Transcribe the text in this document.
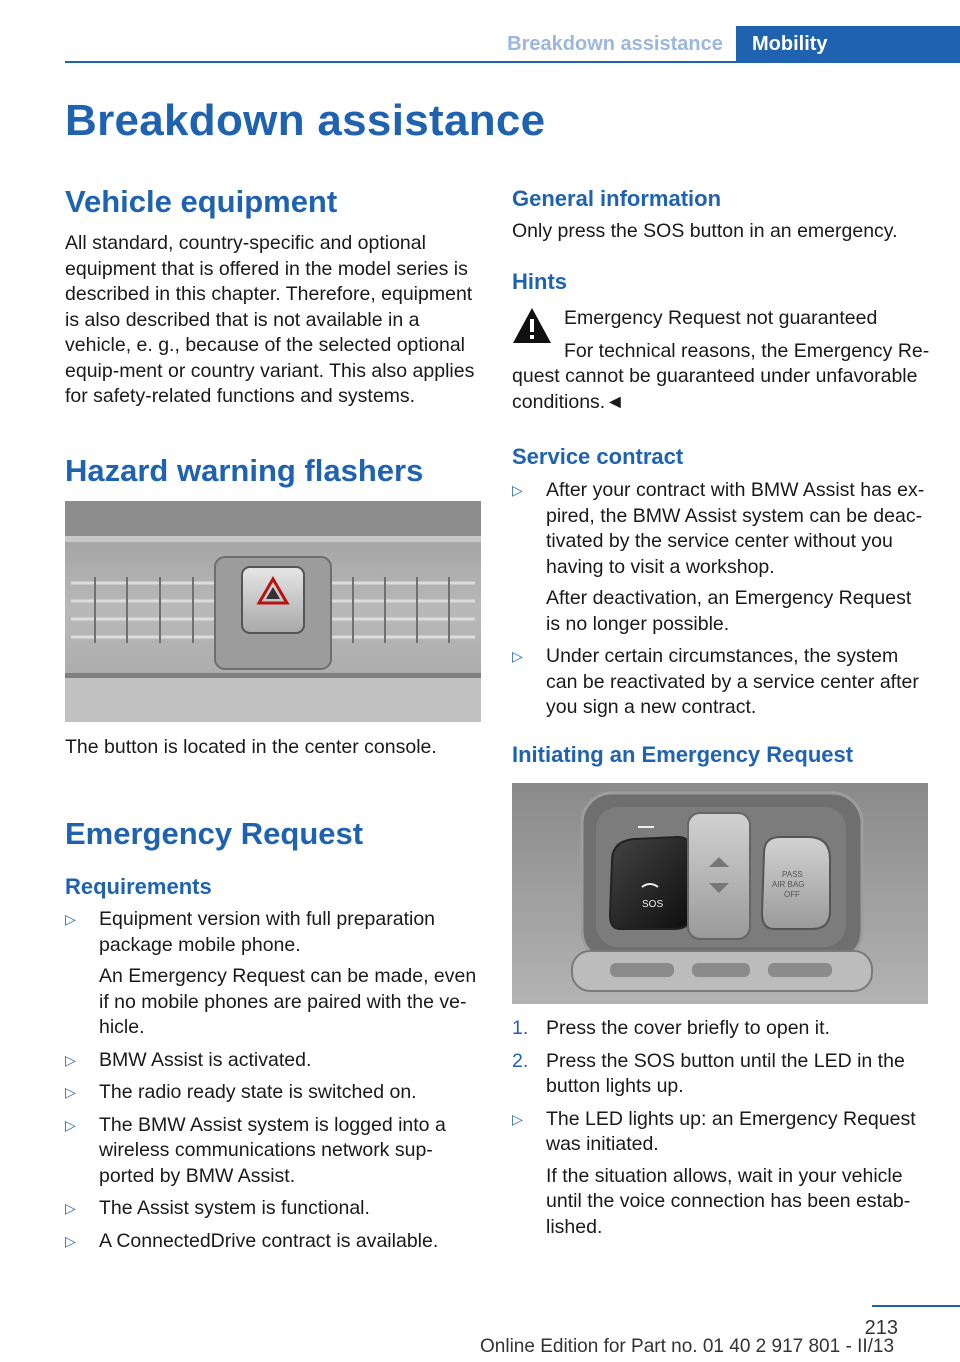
Breakdown assistance	Mobility
Breakdown assistance
Vehicle equipment

All standard, country-specific and optional equipment that is offered in the model series is described in this chapter. Therefore, equipment is also described that is not available in a vehicle, e. g., because of the selected optional equip-ment or country variant. This also applies for safety-related functions and systems.

Hazard warning flashers

The button is located in the center console.

Emergency Request
Requirements
▷ Equipment version with full preparation package mobile phone.
An Emergency Request can be made, even if no mobile phones are paired with the ve-hicle.
▷ BMW Assist is activated.
▷ The radio ready state is switched on.
▷ The BMW Assist system is logged into a wireless communications network sup-ported by BMW Assist.
▷ The Assist system is functional.
▷ A ConnectedDrive contract is available.
General information

Only press the SOS button in an emergency.

Hints

Emergency Request not guaranteed

For technical reasons, the Emergency Re-

quest cannot be guaranteed under unfavorable conditions.◄

Service contract
▷ After your contract with BMW Assist has ex-pired, the BMW Assist system can be deac-tivated by the service center without you having to visit a workshop.
After deactivation, an Emergency Request is no longer possible.
▷ Under certain circumstances, the system can be reactivated by a service center after you sign a new contract.
Initiating an Emergency Request
SOS
PASS
AIR BAG
OFF
1. Press the cover briefly to open it.
2. Press the SOS button until the LED in the button lights up.
▷ The LED lights up: an Emergency Request was initiated.
If the situation allows, wait in your vehicle until the voice connection has been estab-lished.
213
Online Edition for Part no. 01 40 2 917 801 - II/13
